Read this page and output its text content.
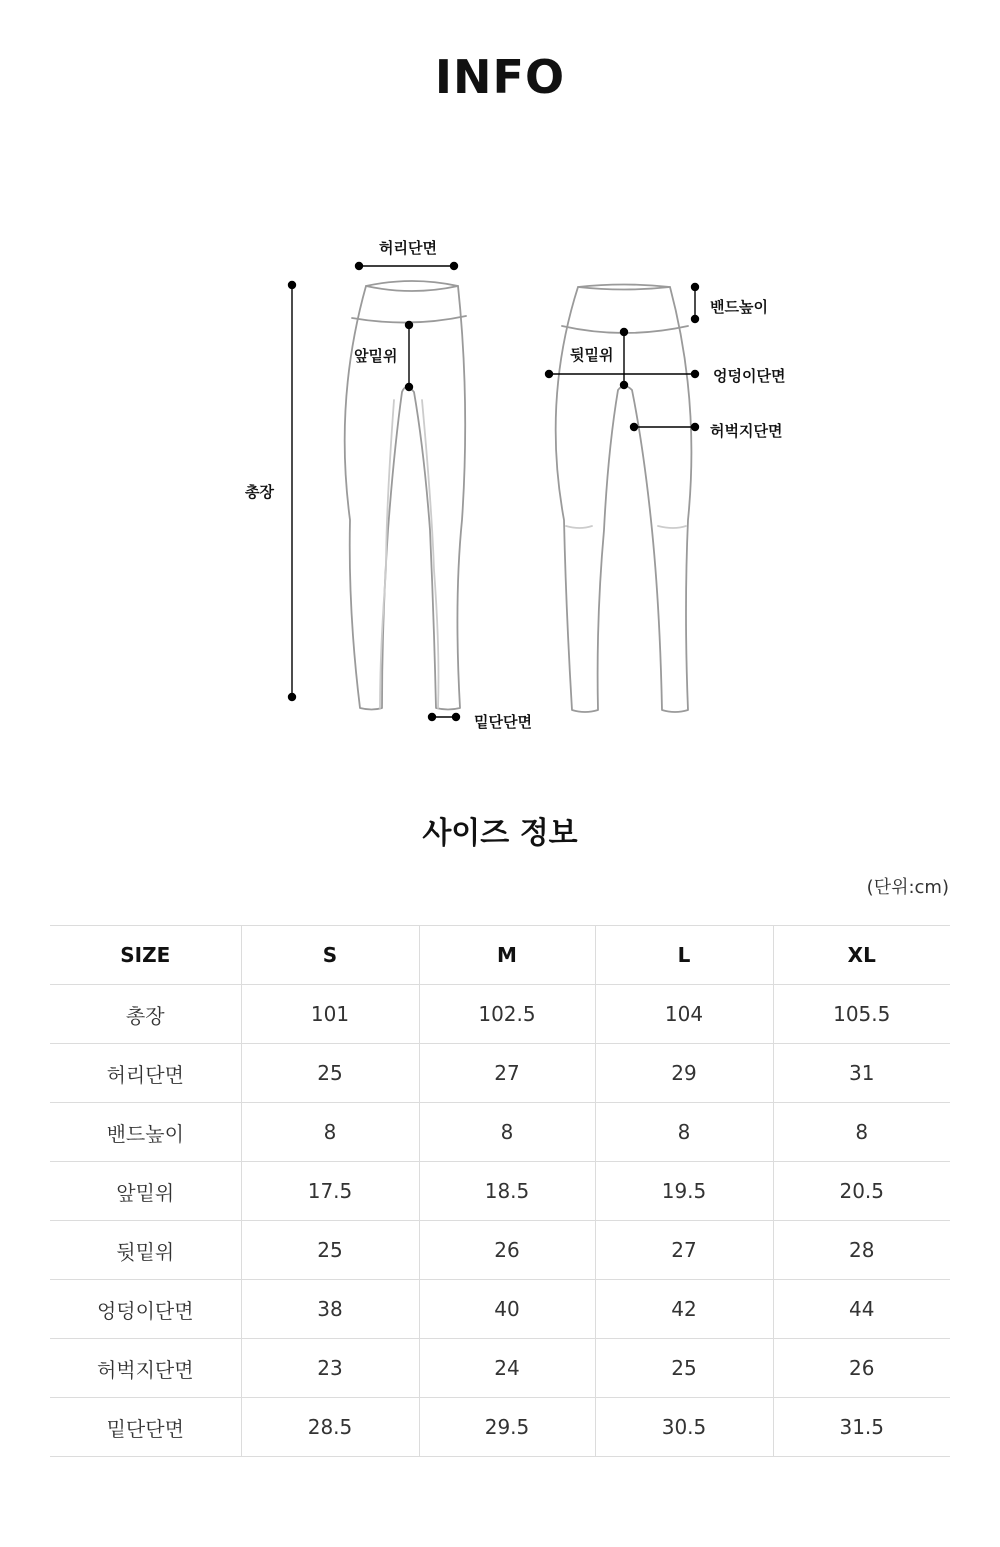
INFO
허리단면
앞밑위
총장
밑단단면
밴드높이
뒷밑위
엉덩이단면
허벅지단면
사이즈 정보
(단위:cm)
SIZE	S	M	L	XL
총장	101	102.5	104	105.5
허리단면	25	27	29	31
밴드높이	8	8	8	8
앞밑위	17.5	18.5	19.5	20.5
뒷밑위	25	26	27	28
엉덩이단면	38	40	42	44
허벅지단면	23	24	25	26
밑단단면	28.5	29.5	30.5	31.5
